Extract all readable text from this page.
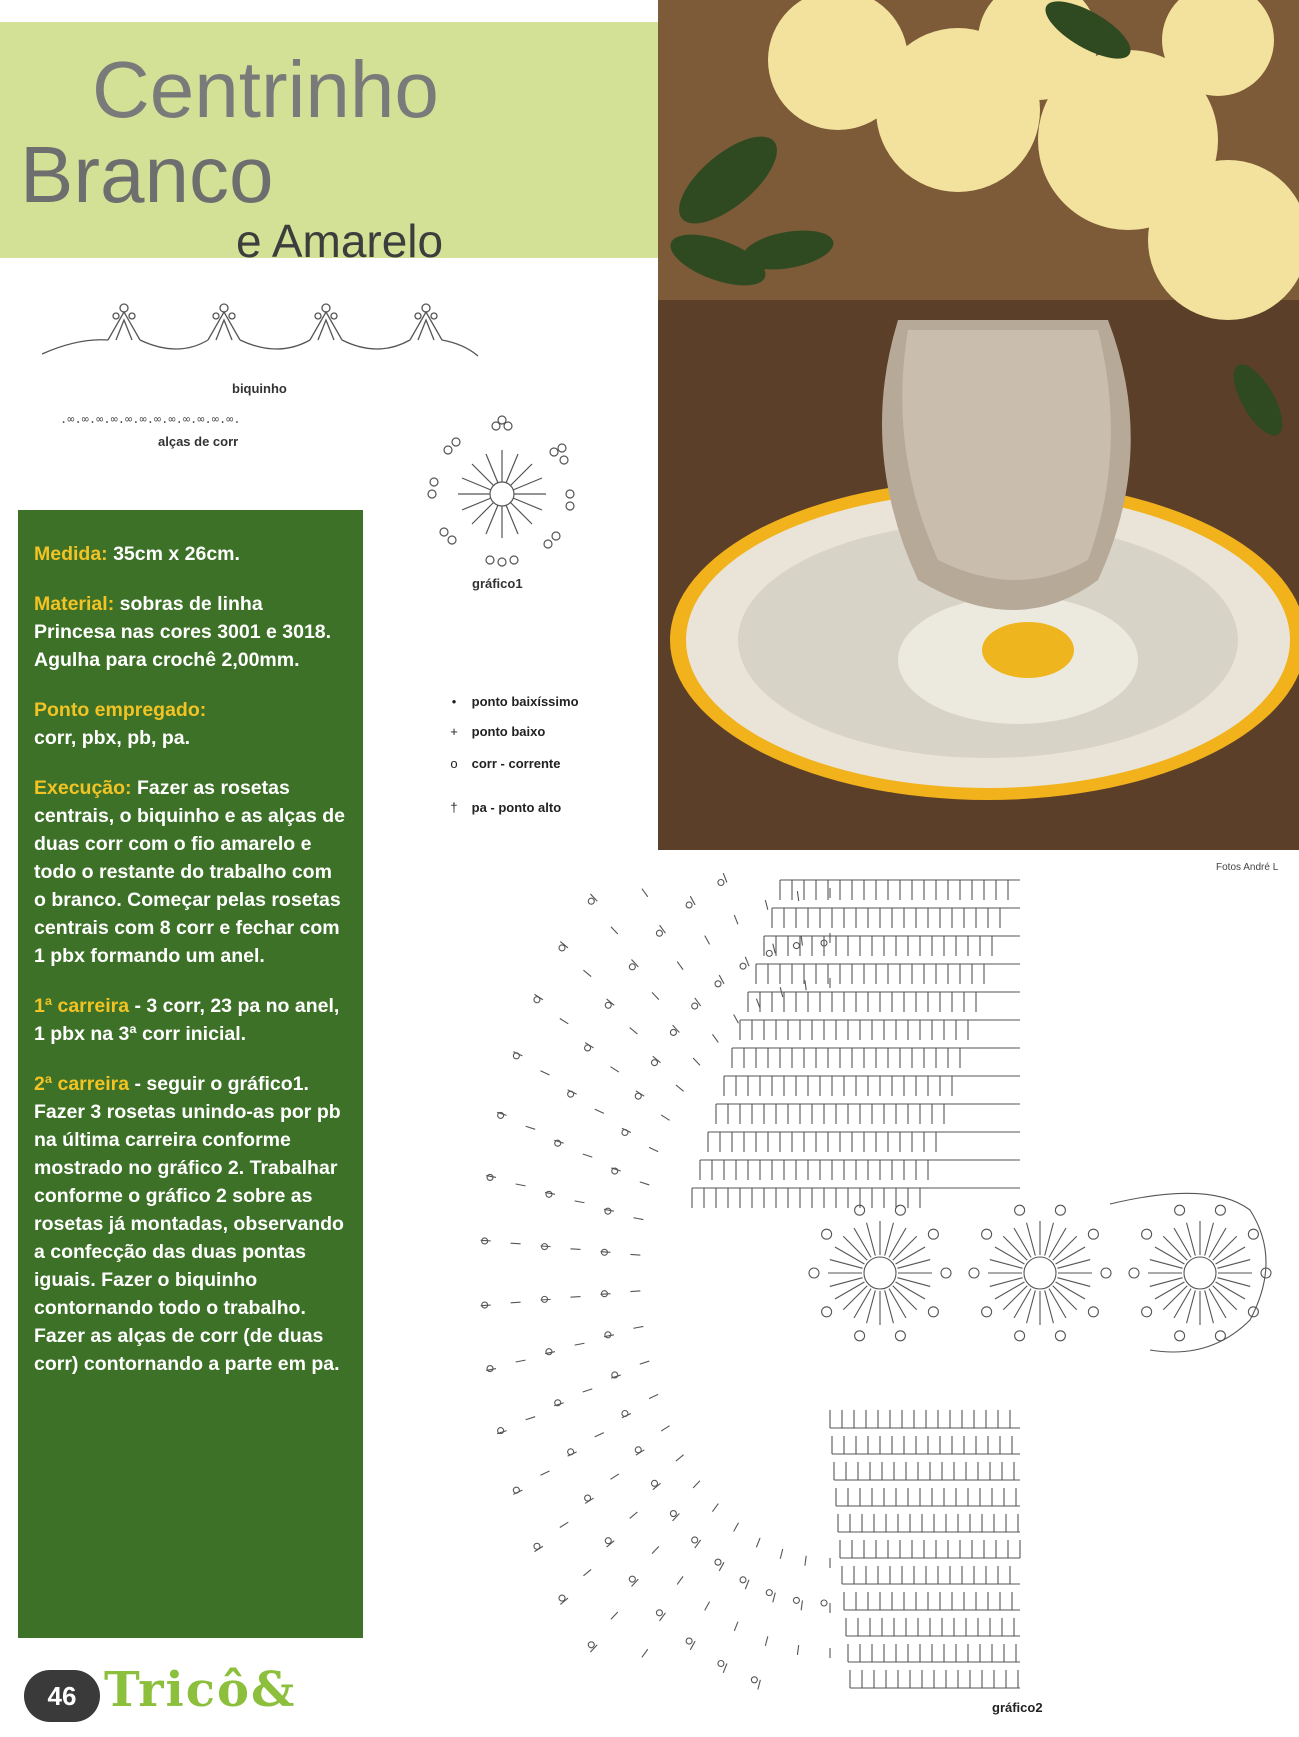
Centrinho
Branco
e Amarelo
biquinho
.∞.∞.∞.∞.∞.∞.∞.∞.∞.∞.∞.∞.
alças de corr
gráfico1
• ponto baixíssimo
+ ponto baixo
o corr - corrente
† pa - ponto alto
Fotos André L

Medida: 35cm x 26cm.

Material: sobras de linha Princesa nas cores 3001 e 3018. Agulha para crochê 2,00mm.

Ponto empregado:
corr, pbx, pb, pa.

Execução: Fazer as rosetas centrais, o biquinho e as alças de duas corr com o fio amarelo e todo o restante do trabalho com o branco. Começar pelas rosetas centrais com 8 corr e fechar com 1 pbx formando um anel.

1ª carreira - 3 corr, 23 pa no anel, 1 pbx na 3ª corr inicial.

2ª carreira - seguir o gráfico1. Fazer 3 rosetas unindo-as por pb na última carreira conforme mostrado no gráfico 2. Trabalhar conforme o gráfico 2 sobre as rosetas já montadas, observando a confecção das duas pontas iguais. Fazer o biquinho contornando todo o trabalho. Fazer as alças de corr (de duas corr) contornando a parte em pa.

gráfico2
46 Tricô&
